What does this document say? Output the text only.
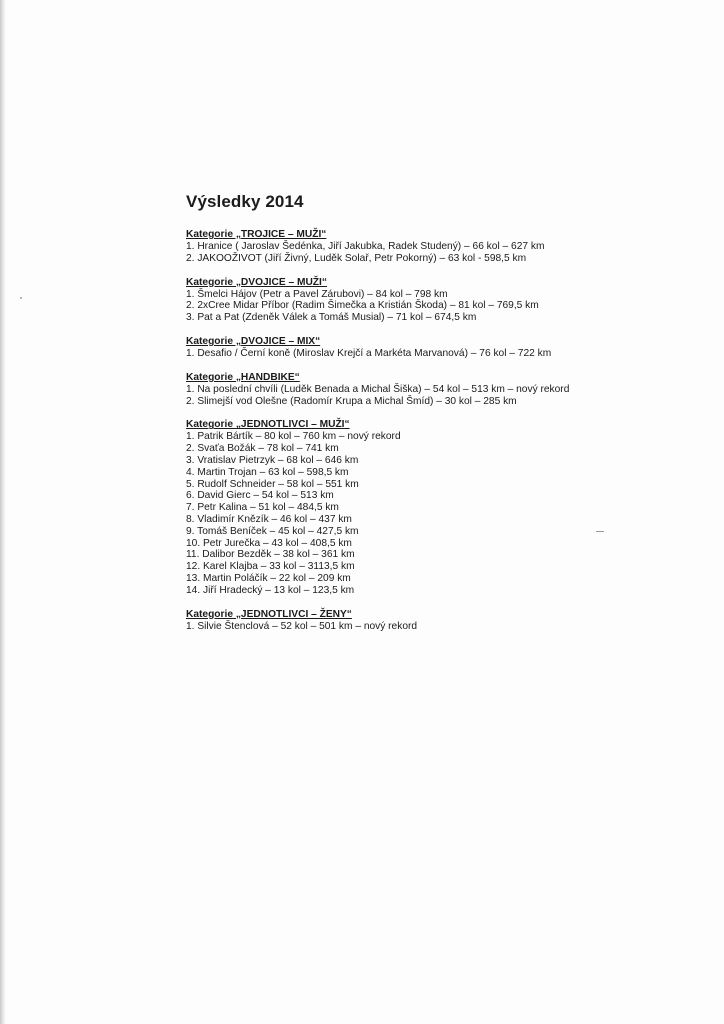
Výsledky 2014
Kategorie „TROJICE – MUŽI“
1. Hranice ( Jaroslav Šedénka, Jiří Jakubka, Radek Studený) – 66 kol – 627 km
2. JAKOOŽIVOT (Jiří Živný, Luděk Solař, Petr Pokorný) – 63 kol - 598,5 km
Kategorie „DVOJICE – MUŽI“
1. Šmelci Hájov (Petr a Pavel Zárubovi) – 84 kol – 798 km
2. 2xCree Midar Příbor (Radim Šimečka a Kristián Škoda) – 81 kol – 769,5 km
3. Pat a Pat (Zdeněk Válek a Tomáš Musial) – 71 kol – 674,5 km
Kategorie „DVOJICE – MIX“
1. Desafio / Černí koně (Miroslav Krejčí a Markéta Marvanová) – 76 kol – 722 km
Kategorie „HANDBIKE“
1. Na poslední chvíli (Luděk Benada a Michal Šiška) – 54 kol – 513 km – nový rekord
2. Slimejší vod Olešne (Radomír Krupa a Michal Šmíd) – 30 kol – 285 km
Kategorie „JEDNOTLIVCI – MUŽI“
1. Patrik Bártík – 80 kol – 760 km – nový rekord
2. Svaťa Božák – 78 kol – 741 km
3. Vratislav Pietrzyk – 68 kol – 646 km
4. Martin Trojan – 63 kol – 598,5 km
5. Rudolf Schneider – 58 kol – 551 km
6. David Gierc – 54 kol – 513 km
7. Petr Kalina – 51 kol – 484,5 km
8. Vladimír Knězík – 46 kol – 437 km
9. Tomáš Beníček – 45 kol – 427,5 km
10. Petr Jurečka – 43 kol – 408,5 km
11. Dalibor Bezděk – 38 kol – 361 km
12. Karel Klajba – 33 kol – 3113,5 km
13. Martin Poláčík – 22 kol – 209 km
14. Jiří Hradecký – 13 kol – 123,5 km
Kategorie „JEDNOTLIVCI – ŽENY“
1. Silvie Štenclová – 52 kol – 501 km – nový rekord
